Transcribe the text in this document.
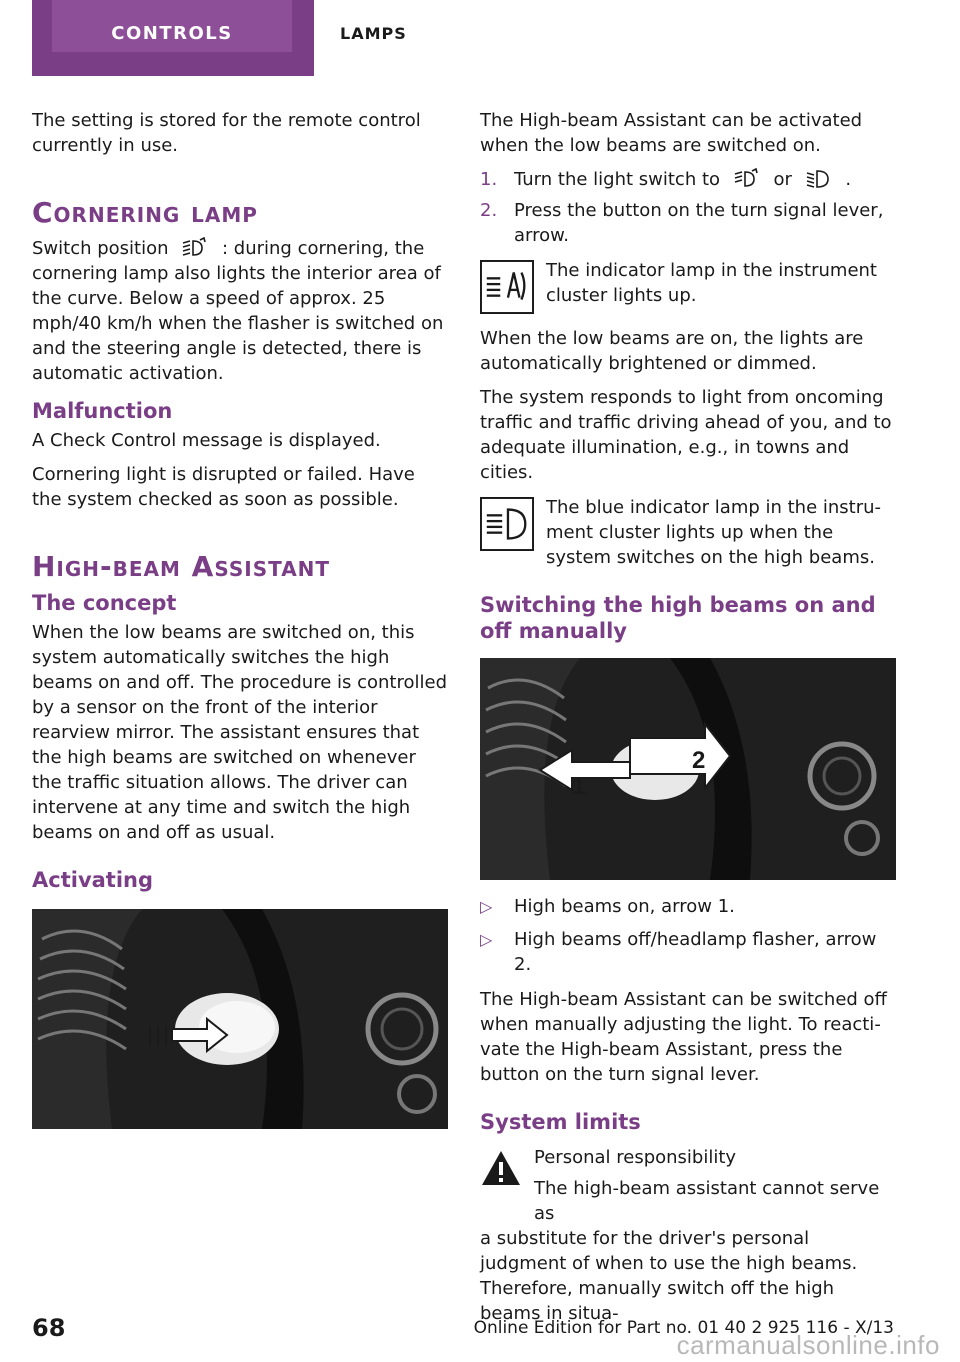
CONTROLS	LAMPS

The setting is stored for the remote control currently in use.

Cornering lamp

Switch position	: during cornering, the cornering lamp also lights the interior area of the curve. Below a speed of approx. 25 mph/40 km/h when the flasher is switched on and the steering angle is detected, there is automatic activation.

Malfunction

A Check Control message is displayed.

Cornering light is disrupted or failed. Have the system checked as soon as possible.

High-beam Assistant
The concept

When the low beams are switched on, this system automatically switches the high beams on and off. The procedure is controlled by a sensor on the front of the interior rearview mirror. The assistant ensures that the high beams are switched on whenever the traffic situation allows. The driver can intervene at any time and switch the high beams on and off as usual.

Activating

The High-beam Assistant can be activated when the low beams are switched on.

1. Turn the light switch to	or	.
2. Press the button on the turn signal lever, arrow.
The indicator lamp in the instrument cluster lights up.

When the low beams are on, the lights are automatically brightened or dimmed.

The system responds to light from oncoming traffic and traffic driving ahead of you, and to adequate illumination, e.g., in towns and cities.

The blue indicator lamp in the instrument cluster lights up when the system switches on the high beams.
Switching the high beams on and off manually
1
2
▷ High beams on, arrow 1.
▷ High beams off/headlamp flasher, arrow 2.

The High-beam Assistant can be switched off when manually adjusting the light. To reactivate the High-beam Assistant, press the button on the turn signal lever.

System limits
Personal responsibility
The high-beam assistant cannot serve as

a substitute for the driver's personal judgment of when to use the high beams. Therefore, manually switch off the high beams in situa-

68	Online Edition for Part no. 01 40 2 925 116 - X/13
carmanualsonline.info
